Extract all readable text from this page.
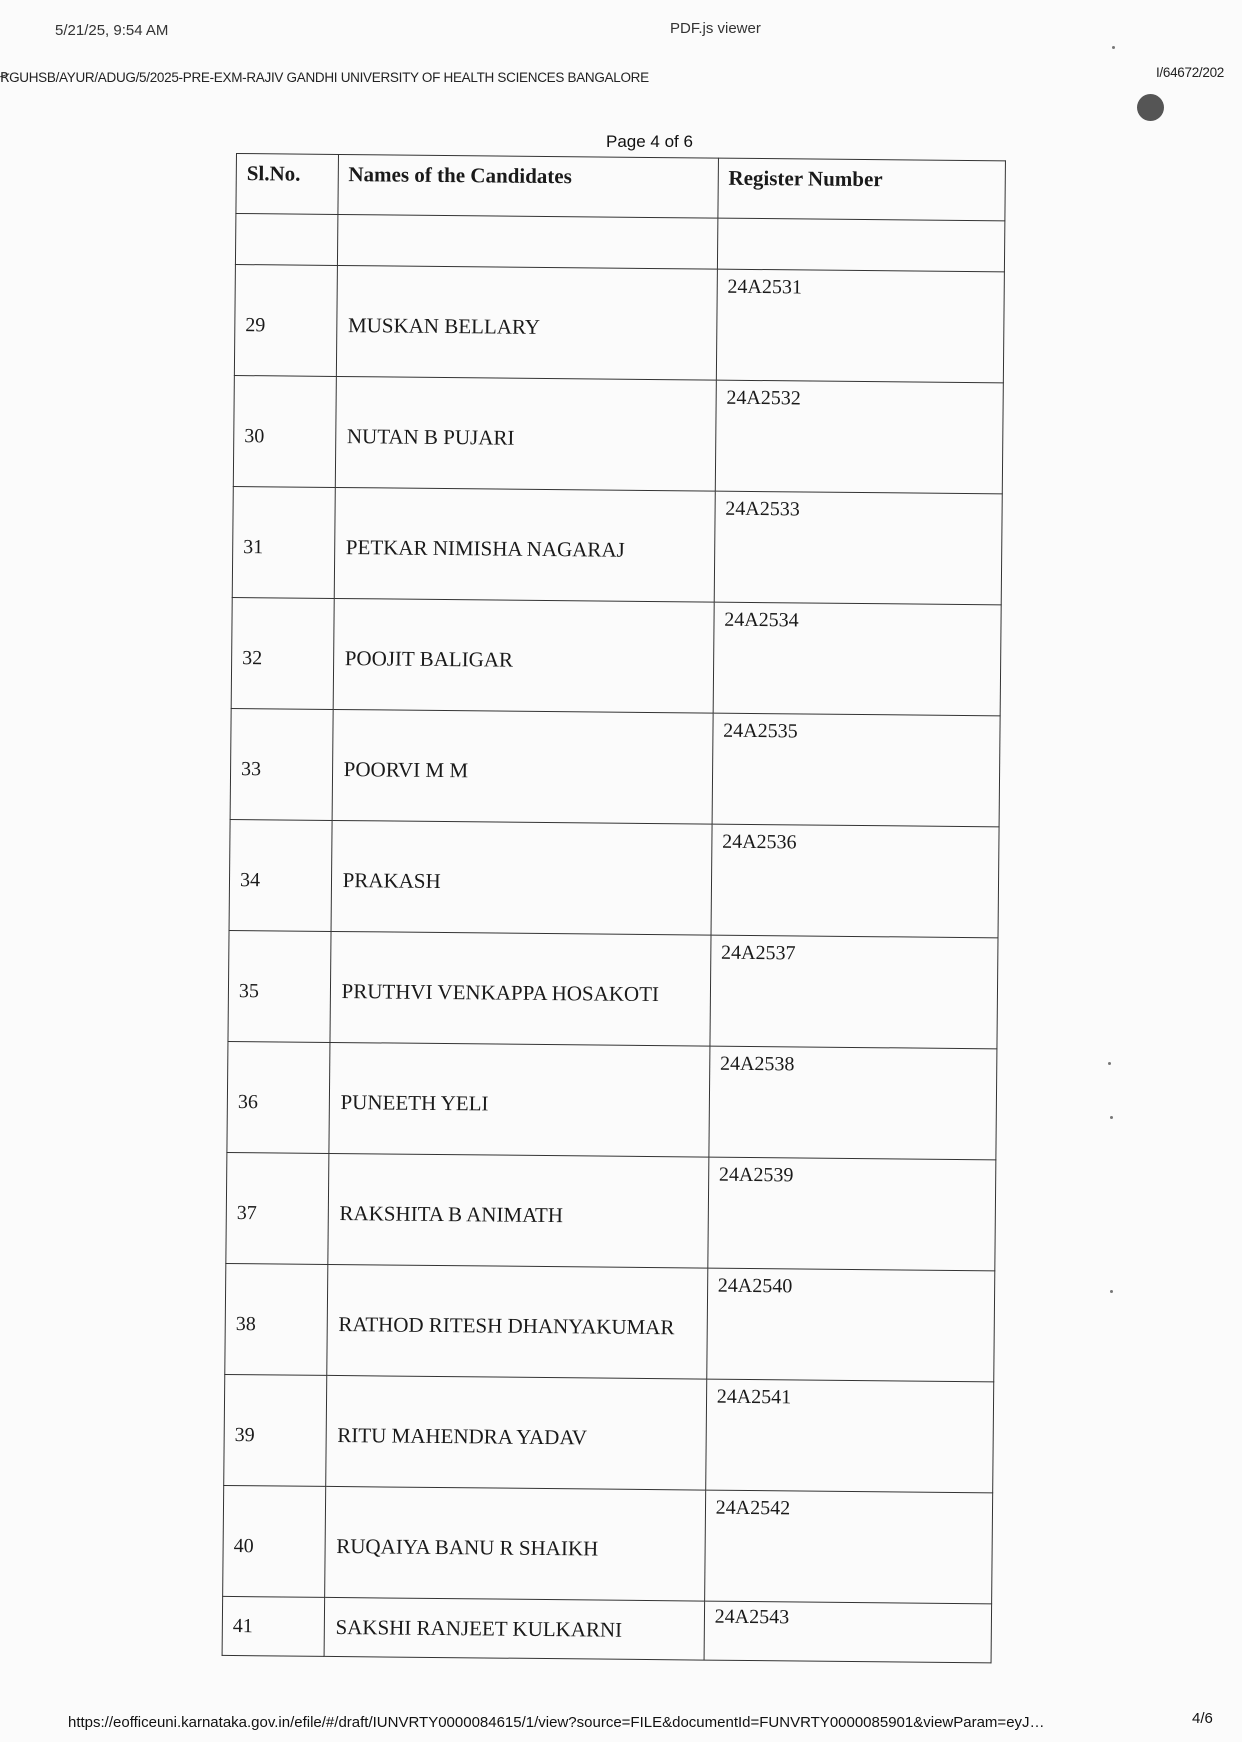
5/21/25, 9:54 AM	PDF.js viewer
ꞦGUHSB/AYUR/ADUG/5/2025-PRE-EXM-RAJIV GANDHI UNIVERSITY OF HEALTH SCIENCES BANGALORE	I/64672/202
Page 4 of 6
Sl.No.	Names of the Candidates	Register Number

29	MUSKAN BELLARY	24A2531
30	NUTAN B PUJARI	24A2532
31	PETKAR NIMISHA NAGARAJ	24A2533
32	POOJIT BALIGAR	24A2534
33	POORVI M M	24A2535
34	PRAKASH	24A2536
35	PRUTHVI VENKAPPA HOSAKOTI	24A2537
36	PUNEETH YELI	24A2538
37	RAKSHITA B ANIMATH	24A2539
38	RATHOD RITESH DHANYAKUMAR	24A2540
39	RITU MAHENDRA YADAV	24A2541
40	RUQAIYA BANU R SHAIKH	24A2542
41	SAKSHI RANJEET KULKARNI	24A2543
https://eofficeuni.karnataka.gov.in/efile/#/draft/IUNVRTY0000084615/1/view?source=FILE&documentId=FUNVRTY0000085901&viewParam=eyJ…	4/6
